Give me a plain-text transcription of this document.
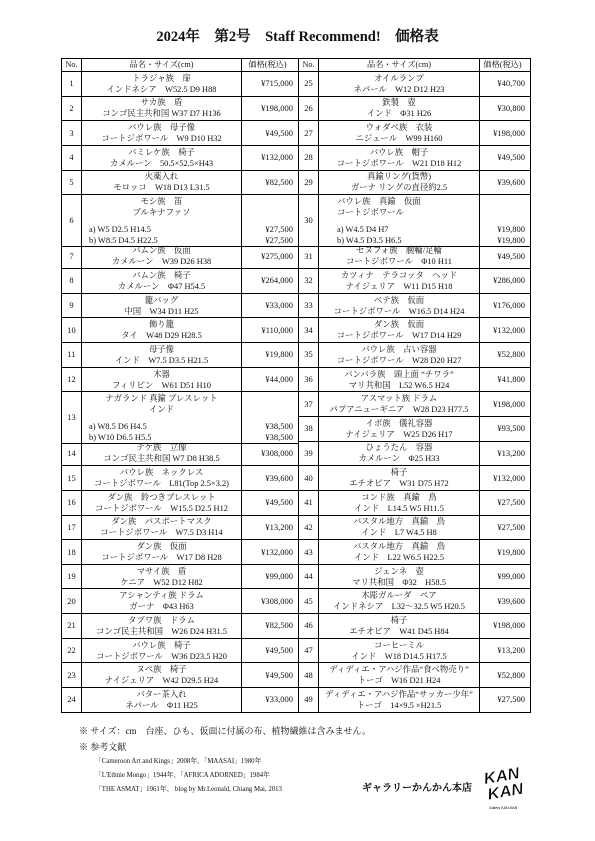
2024年　第2号　Staff Recommend!　価格表
No.	品名・サイズ(cm)	価格(税込)
1	トラジャ族　扉
インドネシア　W52.5 D9 H88
¥715,000
2	サカ族　盾
コンゴ民主共和国 W37 D7 H136
¥198,000
3	バウレ族　母子像
コートジボワール　W9 D10 H32
¥49,500
4	バミレケ族　椅子
カメルーン　50.5×52.5×H43
¥132,000
5	火薬入れ
モロッコ　W18 D13 L31.5
¥82,500
6
モシ族　笛
ブルキナファソ
a) W5 D2.5 H14.5
b) W8.5 D4.5 H22.5
¥27,500
¥27,500
7	バムン族　仮面
カメルーン　W39 D26 H38
¥275,000
8	バムン族　椅子
カメルーン　Φ47 H54.5
¥264,000
9	籠バッグ
中国　W34 D11 H25
¥33,000
10	飾り籠
タイ　W48 D29 H28.5
¥110,000
11	母子像
インド　W7.5 D3.5 H21.5
¥19,800
12	木器
フィリピン　W61 D51 H10
¥44,000
13
ナガランド 真鍮 ブレスレット
インド
a) W8.5 D6 H4.5
b) W10 D6.5 H5.5
¥38,500
¥38,500
14	テケ族　立像
コンゴ民主共和国 W7 D8 H38.5
¥308,000
15	バウレ族　ネックレス
コートジボワール　L81(Top 2.5×3.2)
¥39,600
16	ダン族　鈴つきブレスレット
コートジボワール　W15.5 D2.5 H12
¥49,500
17	ダン族　パスポートマスク
コートジボワール　W7.5 D3 H14
¥13,200
18	ダン族　仮面
コートジボワール　W17 D8 H28
¥132,000
19	マサイ族　盾
ケニア　W52 D12 H82
¥99,000
20	アシャンティ族 ドラム
ガーナ　Φ43 H63
¥308,000
21	タブワ族　ドラム
コンゴ民主共和国　W26 D24 H31.5
¥82,500
22	バウレ族　椅子
コートジボワール　W36 D23.5 H20
¥49,500
23	ヌペ族　椅子
ナイジェリア　W42 D29.5 H24
¥49,500
24	バター茶入れ
ネパール　Φ11 H25
¥33,000
No.	品名・サイズ(cm)	価格(税込)
25	オイルランプ
ネパール　W12 D12 H23
¥40,700
26	鉄製　壺
インド　Φ31 H26
¥30,800
27	ウォダベ族　衣装
ニジェール　W99 H160
¥198,000
28	バウレ族　帽子
コートジボワール　W21 D18 H12
¥49,500
29	真鍮リング(貨幣)
ガーナ リングの直径約2.5
¥39,600
30
バウレ族　真鍮　仮面
コートジボワール
a) W4.5 D4 H7
b) W4.5 D3.5 H6.5
¥19,800
¥19,800
31	セヌフォ族　腕輪/足輪
コートジボワール　Φ10 H11
¥49,500
32	カツィナ　テラコッタ　ヘッド
ナイジェリア　W11 D15 H18
¥286,000
33	ベテ族　仮面
コートジボワール　W16.5 D14 H24
¥176,000
34	ダン族　仮面
コートジボワール　W17 D14 H29
¥132,000
35	バウレ族　占い容器
コートジボワール　W28 D20 H27
¥52,800
36	バンバラ族　頭上面 “チワラ”
マリ共和国　L52 W6.5 H24
¥41,800
37	アスマット族 ドラム
パプアニューギニア　W28 D23 H77.5
¥198,000
38	イボ族　儀礼容器
ナイジェリア　W25 D26 H17
¥93,500
39	ひょうたん　容器
カメルーン　Φ25 H33
¥13,200
40	椅子
エチオピア　W31 D75 H72
¥132,000
41	コンド族　真鍮　鳥
インド　L14.5 W5 H11.5
¥27,500
42	バスタル地方　真鍮　鳥
インド　L7 W4.5 H8
¥27,500
43	バスタル地方　真鍮　鳥
インド　L22 W6.5 H22.5
¥19,800
44	ジェンネ　壺
マリ共和国　Φ32　H58.5
¥99,000
45	木彫ガルーダ　ペア
インドネシア　L32～32.5 W5 H20.5
¥39,600
46	椅子
エチオピア　W41 D45 H84
¥198,000
47	コーヒーミル
インド　W18 D14.5 H17.5
¥13,200
48	ディディエ・アハジ作品“食べ物売り”
トーゴ　W16 D21 H24
¥52,800
49	ディディエ・アハジ作品“サッカー少年”
トーゴ　14×9.5 ×H21.5
¥27,500
※ サイズ：cm　台座、ひも、仮面に付属の布、植物繊維は含みません。
※ 参考文献
「Cameroon Art and Kings」2008年、「MAASAI」1980年
「L'Ethnie Mongo」1944年、「AFRICA ADORNED」1984年
「THE ASMAT」1961年、 blog by Mr.Leonald, Chiang Mai, 2013	ギャラリーかんかん本店
KAN
KAN
Gallery KAN-KAN
